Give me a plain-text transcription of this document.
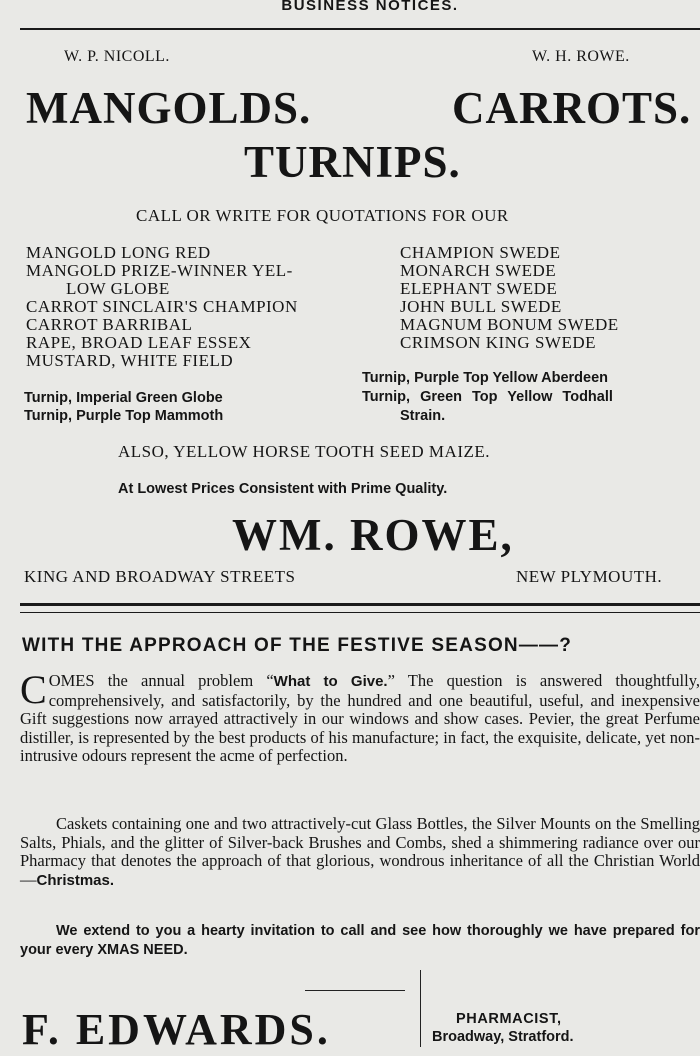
BUSINESS NOTICES.
W. P. NICOLL.	W. H. ROWE.
MANGOLDS.	CARROTS.
TURNIPS.
CALL OR WRITE FOR QUOTATIONS FOR OUR
MANGOLD LONG RED
MANGOLD PRIZE-WINNER YEL-
LOW GLOBE
CARROT SINCLAIR'S CHAMPION
CARROT BARRIBAL
RAPE, BROAD LEAF ESSEX
MUSTARD, WHITE FIELD
CHAMPION SWEDE
MONARCH SWEDE
ELEPHANT SWEDE
JOHN BULL SWEDE
MAGNUM BONUM SWEDE
CRIMSON KING SWEDE
Turnip, Purple Top Yellow Aberdeen
Turnip, Imperial Green Globe	Turnip, Green Top Yellow Todhall
Turnip, Purple Top Mammoth	Strain.
ALSO, YELLOW HORSE TOOTH SEED MAIZE.
At Lowest Prices Consistent with Prime Quality.
WM. ROWE,
KING AND BROADWAY STREETS	NEW PLYMOUTH.
WITH THE APPROACH OF THE FESTIVE SEASON——?
COMES the annual problem “What to Give.” The question is answered thoughtfully, comprehensively, and satisfactorily, by the hundred and one beautiful, useful, and inexpensive Gift suggestions now arrayed attractively in our windows and show cases. Pevier, the great Perfume distiller, is represented by the best products of his manufacture; in fact, the exquisite, delicate, yet non-intrusive odours represent the acme of perfection.
Caskets containing one and two attractively-cut Glass Bottles, the Silver Mounts on the Smelling Salts, Phials, and the glitter of Silver-back Brushes and Combs, shed a shimmering radiance over our Pharmacy that denotes the approach of that glorious, wondrous inheritance of all the Christian World—Christmas.
We extend to you a hearty invitation to call and see how thoroughly we have prepared for your every XMAS NEED.
F. EDWARDS.	PHARMACIST,
Broadway, Stratford.
